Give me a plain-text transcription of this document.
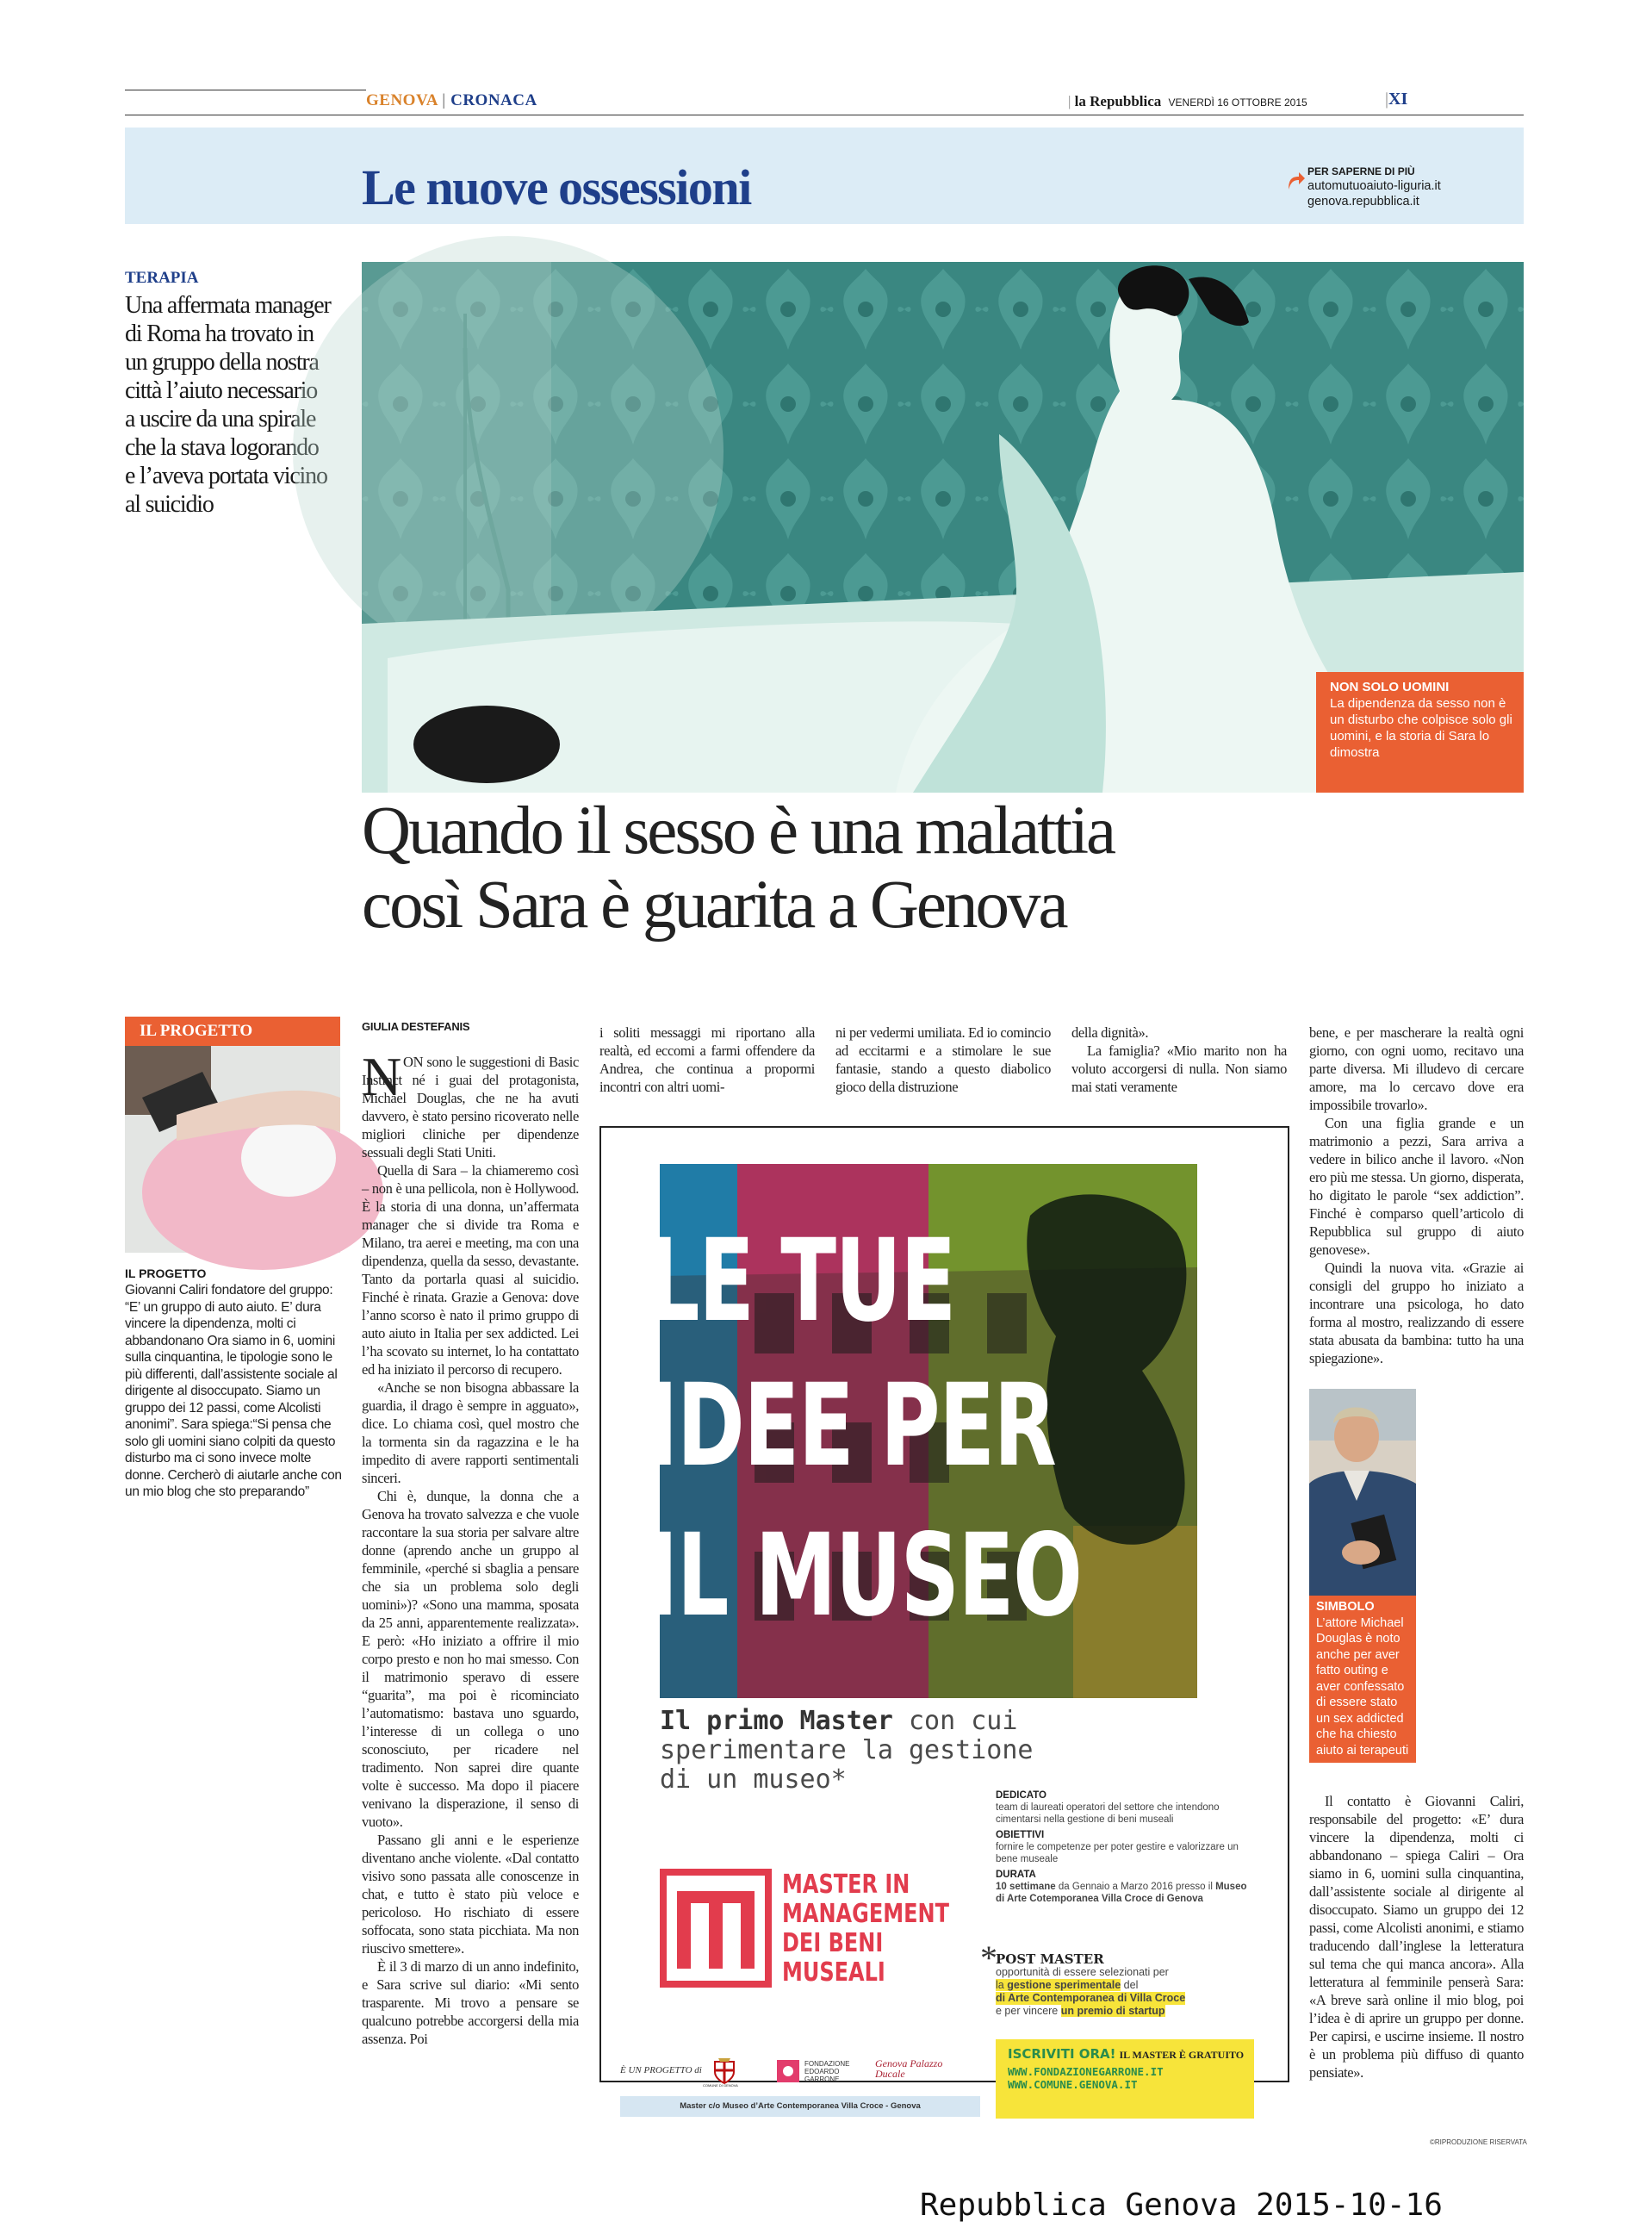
GENOVA | CRONACA	| la Repubblica VENERDÌ 16 OTTOBRE 2015	|XI
Le nuove ossessioni	PER SAPERNE DI PIÙ
automutuoaiuto-liguria.it
genova.repubblica.it
TERAPIA
Una affermata manager di Roma ha trovato in un gruppo della nostra città l’aiuto necessario a uscire da una spirale che la stava logorando e l’aveva portata vicino al suicidio
NON SOLO UOMINI
La dipendenza da sesso non è un disturbo che colpisce solo gli uomini, e la storia di Sara lo dimostra
Quando il sesso è una malattia
così Sara è guarita a Genova
IL PROGETTO
IL PROGETTO
Giovanni Caliri fondatore del gruppo: “E’ un gruppo di auto aiuto. E’ dura vincere la dipendenza, molti ci abbandonano Ora siamo in 6, uomini sulla cinquantina, le tipologie sono le più differenti, dall’assistente sociale al dirigente al disoccupato. Siamo un gruppo dei 12 passi, come Alcolisti anonimi”. Sara spiega:“Si pensa che solo gli uomini siano colpiti da questo disturbo ma ci sono invece molte donne. Cercherò di aiutarle anche con un mio blog che sto preparando”
GIULIA DESTEFANIS
N ON sono le suggestioni di Basic Instinct né i guai del protagonista, Michael Douglas, che ne ha avuti davvero, è stato persino ricoverato nelle migliori cliniche per dipendenze sessuali degli Stati Uniti.

Quella di Sara – la chiameremo così – non è una pellicola, non è Hollywood. È la storia di una donna, un’affermata manager che si divide tra Roma e Milano, tra aerei e meeting, ma con una dipendenza, quella da sesso, devastante. Tanto da portarla quasi al suicidio. Finché è rinata. Grazie a Genova: dove l’anno scorso è nato il primo gruppo di auto aiuto in Italia per sex addicted. Lei l’ha scovato su internet, lo ha contattato ed ha iniziato il percorso di recupero.

«Anche se non bisogna abbassare la guardia, il drago è sempre in agguato», dice. Lo chiama così, quel mostro che la tormenta sin da ragazzina e le ha impedito di avere rapporti sentimentali sinceri.

Chi è, dunque, la donna che a Genova ha trovato salvezza e che vuole raccontare la sua storia per salvare altre donne (aprendo anche un gruppo al femminile, «perché si sbaglia a pensare che sia un problema solo degli uomini»)? «Sono una mamma, sposata da 25 anni, apparentemente realizzata». E però: «Ho iniziato a offrire il mio corpo presto e non ho mai smesso. Con il matrimonio speravo di essere “guarita”, ma poi è ricominciato l’automatismo: bastava uno sguardo, l’interesse di un collega o uno sconosciuto, per ricadere nel tradimento. Non saprei dire quante volte è successo. Ma dopo il piacere venivano la disperazione, il senso di vuoto».

Passano gli anni e le esperienze diventano anche violente. «Dal contatto visivo sono passata alle conoscenze in chat, e tutto è stato più veloce e pericoloso. Ho rischiato di essere soffocata, sono stata picchiata. Ma non riuscivo smettere».

È il 3 di marzo di un anno indefinito, e Sara scrive sul diario: «Mi sento trasparente. Mi trovo a pensare se qualcuno potrebbe accorgersi della mia assenza. Poi

i soliti messaggi mi riportano alla realtà, ed eccomi a farmi offendere da Andrea, che continua a propormi incontri con altri uomi-

ni per vedermi umiliata. Ed io comincio ad eccitarmi e a stimolare le sue fantasie, stando a questo diabolico gioco della distruzione

della dignità».

La famiglia? «Mio marito non ha voluto accorgersi di nulla. Non siamo mai stati veramente

bene, e per mascherare la realtà ogni giorno, con ogni uomo, recitavo una parte diversa. Mi illudevo di cercare amore, ma lo cercavo dove era impossibile trovarlo».

Con una figlia grande e un matrimonio a pezzi, Sara arriva a vedere in bilico anche il lavoro. «Non ero più me stessa. Un giorno, disperata, ho digitato le parole “sex addiction”. Finché è comparso quell’articolo di Repubblica sul gruppo di aiuto genovese».

Quindi la nuova vita. «Grazie ai consigli del gruppo ho iniziato a incontrare una psicologa, ho dato forma al mostro, realizzando di essere stata abusata da bambina: tutto ha una spiegazione».

SIMBOLO
L’attore Michael Douglas è noto anche per aver fatto outing e aver confessato di essere stato un sex addicted che ha chiesto aiuto ai terapeuti

Il contatto è Giovanni Caliri, responsabile del progetto: «E’ dura vincere la dipendenza, molti ci abbandonano – spiega Caliri – Ora siamo in 6, uomini sulla cinquantina, dall’assistente sociale al dirigente al disoccupato. Siamo un gruppo dei 12 passi, come Alcolisti anonimi, e stiamo traducendo dall’inglese la letteratura sul tema che qui manca ancora». Alla letteratura al femminile penserà Sara: «A breve sarà online il mio blog, poi l’idea è di aprire un gruppo per donne. Per capirsi, e uscirne insieme. Il nostro è un problema più diffuso di quanto pensiate».

©RIPRODUZIONE RISERVATA
LE TUE
IDEE PER
IL MUSEO
Il primo Master con cui
sperimentare la gestione
di un museo*
DEDICATO
team di laureati operatori del settore che intendono cimentarsi nella gestione di beni museali
OBIETTIVI
fornire le competenze per poter gestire e valorizzare un bene museale
DURATA
10 settimane da Gennaio a Marzo 2016 presso il Museo di Arte Cotemporanea Villa Croce di Genova
MASTER IN
MANAGEMENT
DEI BENI
MUSEALI	*
POST MASTER
opportunità di essere selezionati per
la gestione sperimentale del
di Arte Contemporanea di Villa Croce
e per vincere un premio di startup
È UN PROGETTO di
COMUNE DI GENOVA
FONDAZIONE EDOARDO GARRONE
Genova Palazzo Ducale
Master c/o Museo d’Arte Contemporanea Villa Croce - Genova
ISCRIVITI ORA! IL MASTER È GRATUITO
WWW.FONDAZIONEGARRONE.IT
WWW.COMUNE.GENOVA.IT
Repubblica Genova 2015-10-16
